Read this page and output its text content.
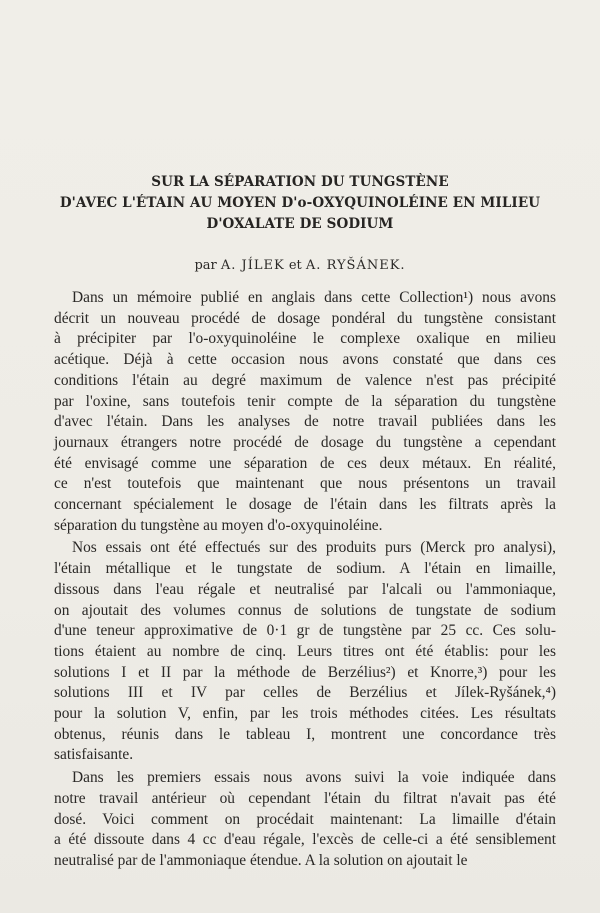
SUR LA SÉPARATION DU TUNGSTÈNE
D'AVEC L'ÉTAIN AU MOYEN D'o-OXYQUINOLÉINE EN MILIEU
D'OXALATE DE SODIUM
par A. JÍLEK et A. RYŠÁNEK.

Dans un mémoire publié en anglais dans cette Collection¹) nous avons
décrit un nouveau procédé de dosage pondéral du tungstène consistant
à précipiter par l'o-oxyquinoléine le complexe oxalique en milieu
acétique. Déjà à cette occasion nous avons constaté que dans ces
conditions l'étain au degré maximum de valence n'est pas précipité
par l'oxine, sans toutefois tenir compte de la séparation du tungstène
d'avec l'étain. Dans les analyses de notre travail publiées dans les
journaux étrangers notre procédé de dosage du tungstène a cependant
été envisagé comme une séparation de ces deux métaux. En réalité,
ce n'est toutefois que maintenant que nous présentons un travail
concernant spécialement le dosage de l'étain dans les filtrats après la
séparation du tungstène au moyen d'o-oxyquinoléine.

Nos essais ont été effectués sur des produits purs (Merck pro analysi),
l'étain métallique et le tungstate de sodium. A l'étain en limaille,
dissous dans l'eau régale et neutralisé par l'alcali ou l'ammoniaque,
on ajoutait des volumes connus de solutions de tungstate de sodium
d'une teneur approximative de 0·1 gr de tungstène par 25 cc. Ces solu-
tions étaient au nombre de cinq. Leurs titres ont été établis: pour les
solutions I et II par la méthode de Berzélius²) et Knorre,³) pour les
solutions III et IV par celles de Berzélius et Jílek-Ryšánek,⁴)
pour la solution V, enfin, par les trois méthodes citées. Les résultats
obtenus, réunis dans le tableau I, montrent une concordance très
satisfaisante.

Dans les premiers essais nous avons suivi la voie indiquée dans
notre travail antérieur où cependant l'étain du filtrat n'avait pas été
dosé. Voici comment on procédait maintenant: La limaille d'étain
a été dissoute dans 4 cc d'eau régale, l'excès de celle-ci a été sensiblement
neutralisé par de l'ammoniaque étendue. A la solution on ajoutait le
